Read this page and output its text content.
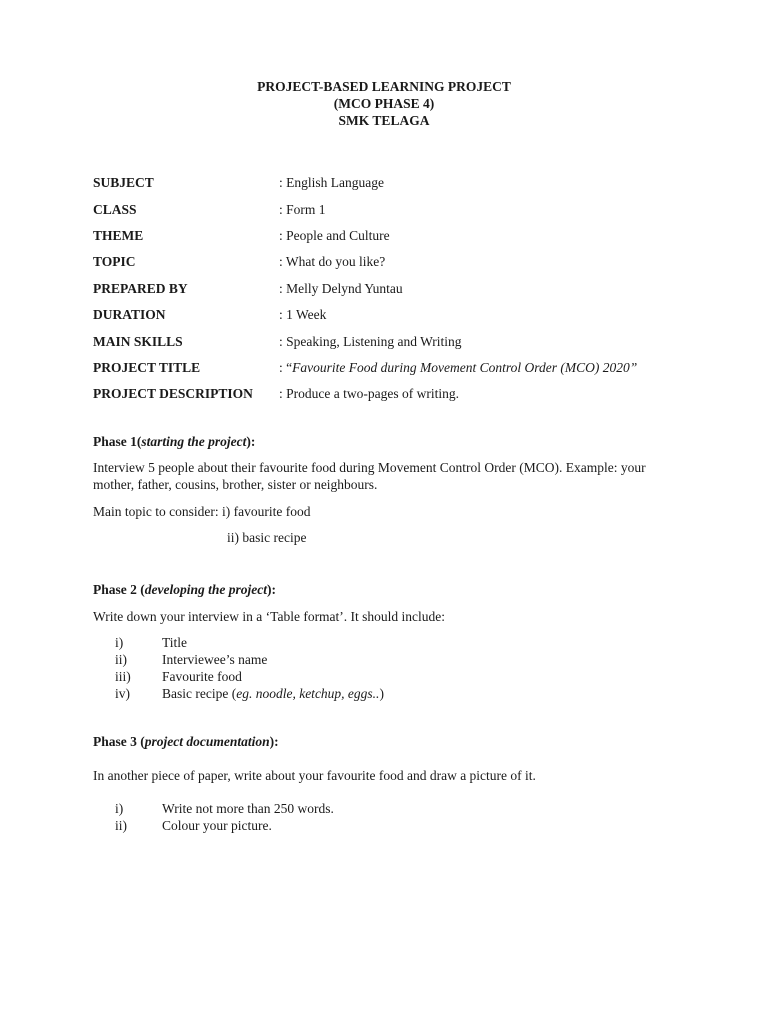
PROJECT-BASED LEARNING PROJECT
(MCO PHASE 4)
SMK TELAGA
SUBJECT	: English Language
CLASS	: Form 1
THEME	: People and Culture
TOPIC	: What do you like?
PREPARED BY	: Melly Delynd Yuntau
DURATION	: 1 Week
MAIN SKILLS	: Speaking, Listening and Writing
PROJECT TITLE	: “Favourite Food during Movement Control Order (MCO) 2020”
PROJECT DESCRIPTION	: Produce a two-pages of writing.

Phase 1(starting the project):

Interview 5 people about their favourite food during Movement Control Order (MCO). Example: your mother, father, cousins, brother, sister or neighbours.

Main topic to consider: i) favourite food

ii) basic recipe

Phase 2 (developing the project):

Write down your interview in a ‘Table format’. It should include:

i)	Title
ii)	Interviewee’s name
iii)	Favourite food
iv)	Basic recipe (eg. noodle, ketchup, eggs..)

Phase 3 (project documentation):

In another piece of paper, write about your favourite food and draw a picture of it.

i)	Write not more than 250 words.
ii)	Colour your picture.
